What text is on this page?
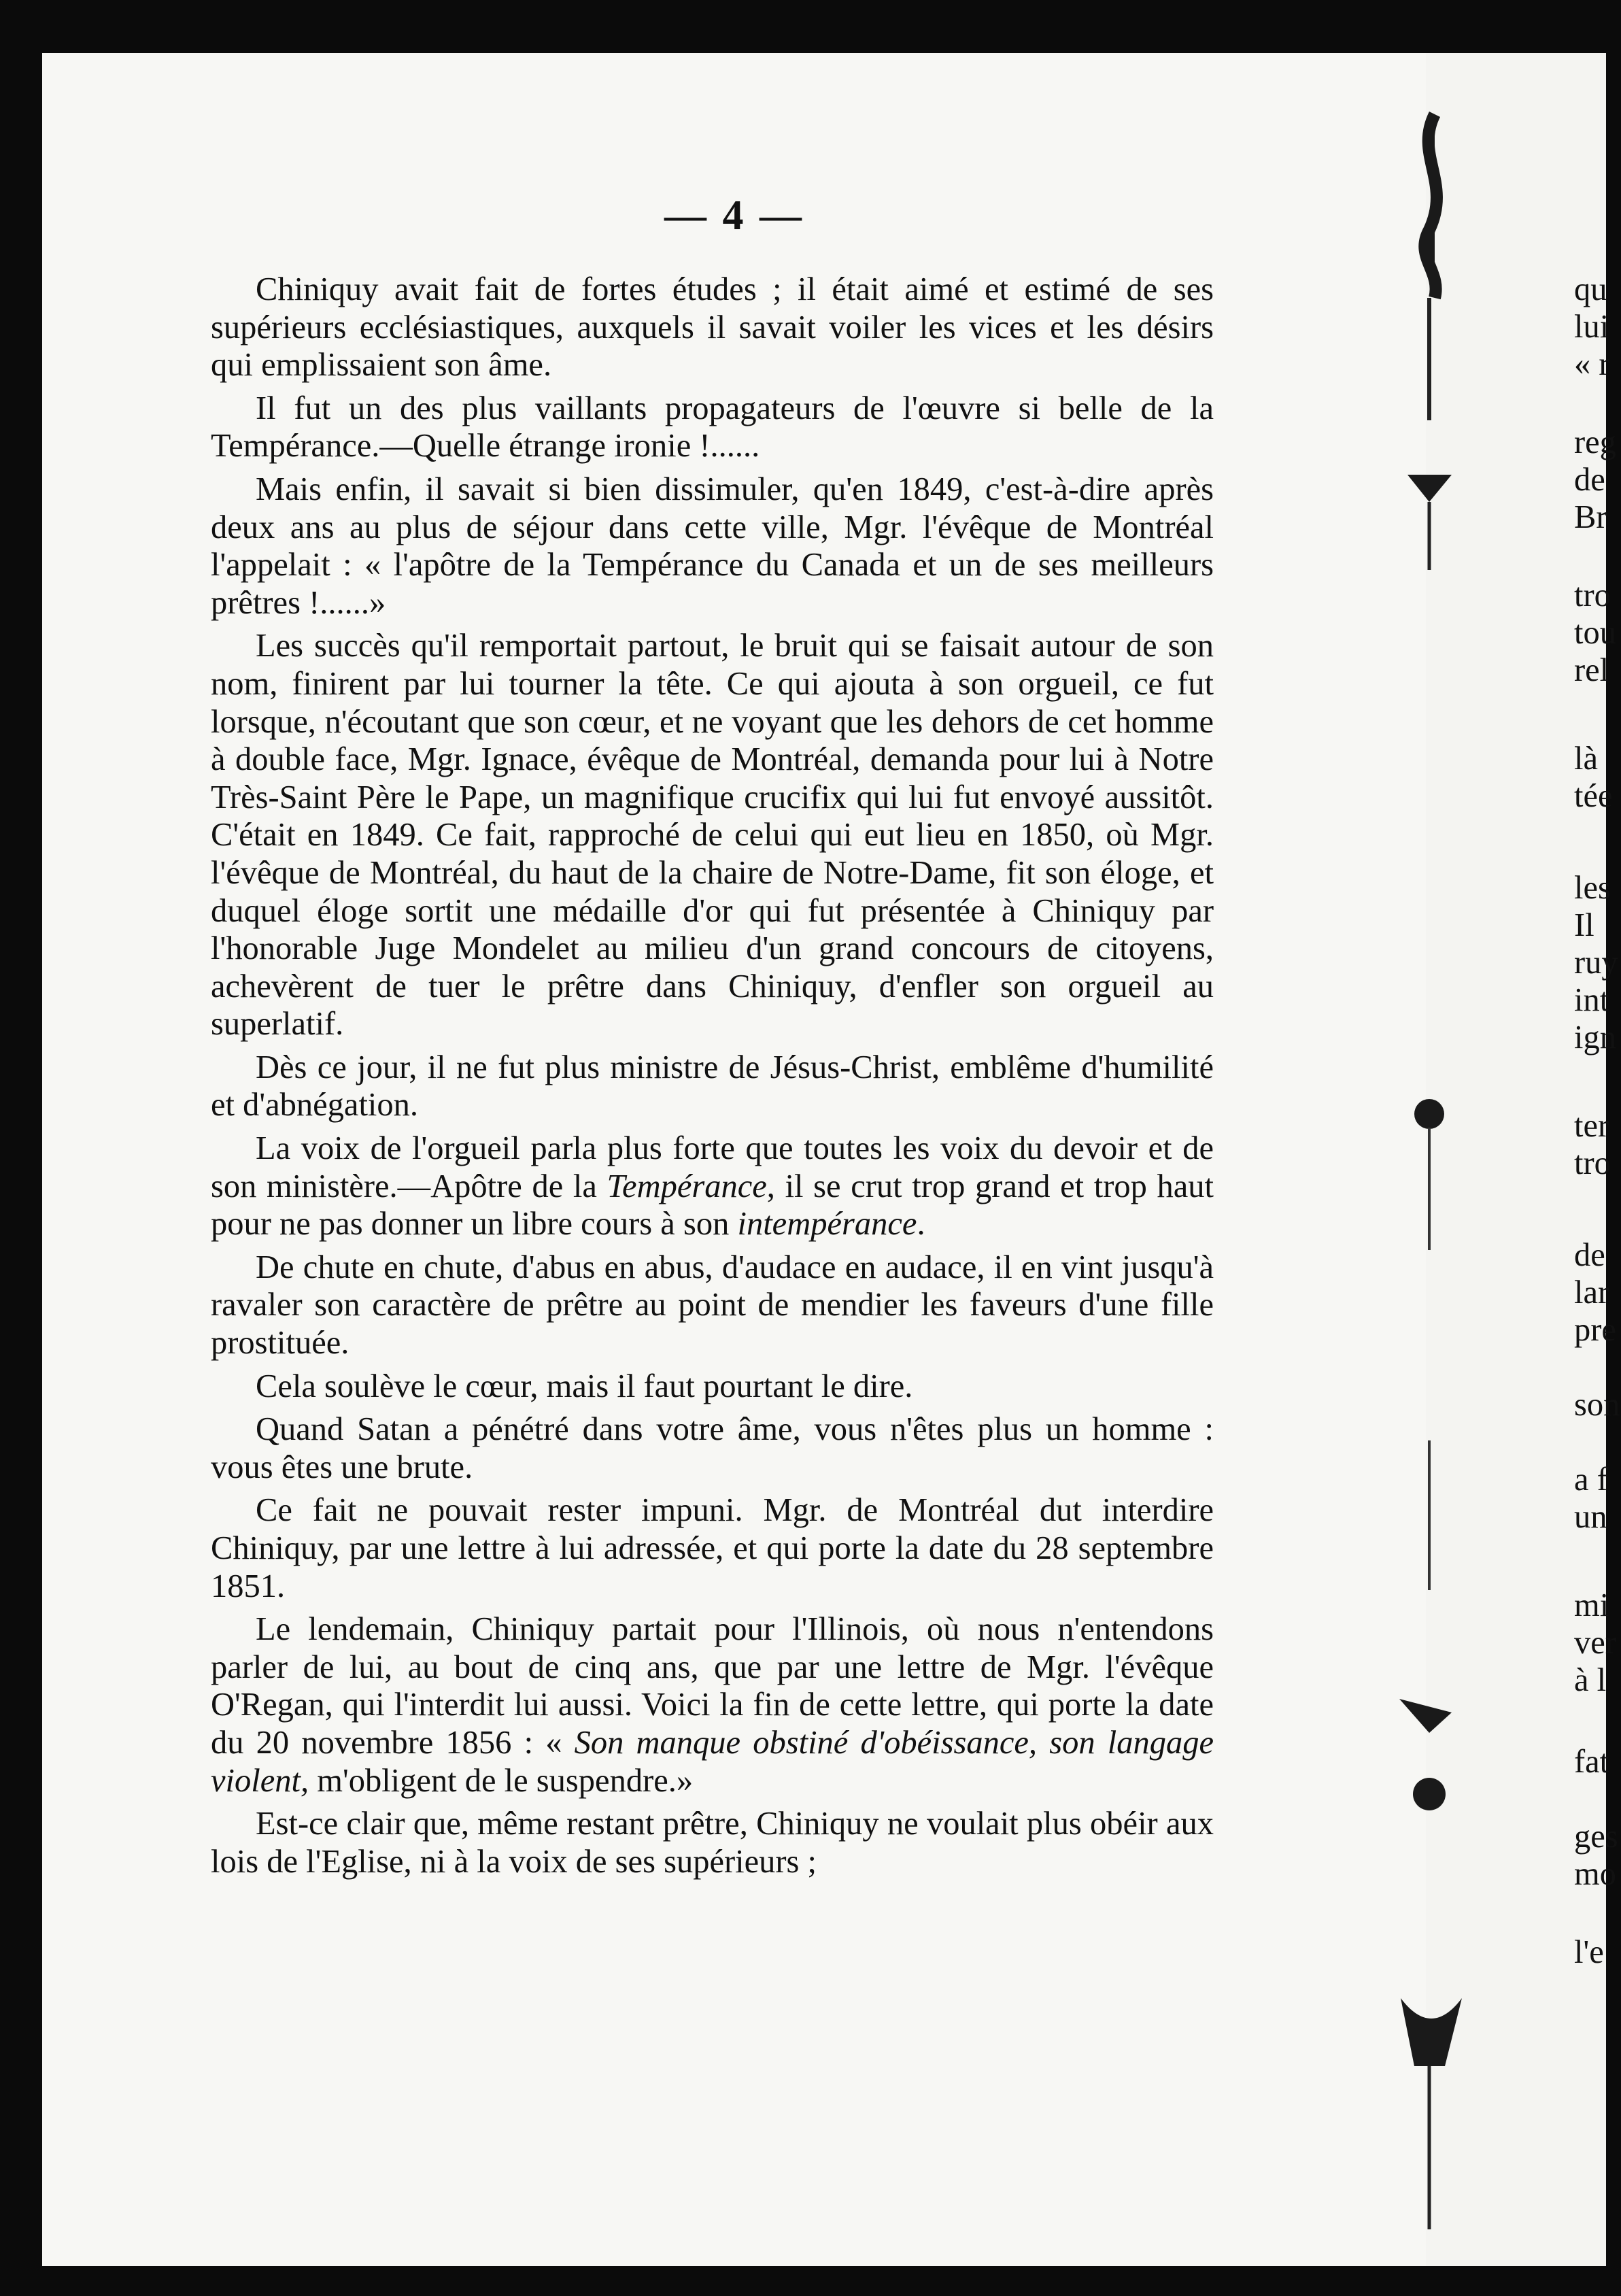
— 4 —

Chiniquy avait fait de fortes études ; il était aimé et estimé de ses supérieurs ecclésiastiques, auxquels il savait voiler les vices et les désirs qui emplissaient son âme.

Il fut un des plus vaillants propagateurs de l'œuvre si belle de la Tempérance.—Quelle étrange ironie !......

Mais enfin, il savait si bien dissimuler, qu'en 1849, c'est-à-dire après deux ans au plus de séjour dans cette ville, Mgr. l'évêque de Montréal l'appelait : « l'apôtre de la Tempérance du Canada et un de ses meilleurs prêtres !......»

Les succès qu'il remportait partout, le bruit qui se faisait autour de son nom, finirent par lui tourner la tête. Ce qui ajouta à son orgueil, ce fut lorsque, n'écoutant que son cœur, et ne voyant que les dehors de cet homme à double face, Mgr. Ignace, évêque de Montréal, demanda pour lui à Notre Très-Saint Père le Pape, un magnifique crucifix qui lui fut envoyé aussitôt. C'était en 1849. Ce fait, rapproché de celui qui eut lieu en 1850, où Mgr. l'évêque de Montréal, du haut de la chaire de Notre-Dame, fit son éloge, et duquel éloge sortit une médaille d'or qui fut présentée à Chiniquy par l'honorable Juge Mondelet au milieu d'un grand concours de citoyens, achevèrent de tuer le prêtre dans Chiniquy, d'enfler son orgueil au superlatif.

Dès ce jour, il ne fut plus ministre de Jésus-Christ, emblême d'humilité et d'abnégation.

La voix de l'orgueil parla plus forte que toutes les voix du devoir et de son ministère.—Apôtre de la Tempérance, il se crut trop grand et trop haut pour ne pas donner un libre cours à son intempérance.

De chute en chute, d'abus en abus, d'audace en audace, il en vint jusqu'à ravaler son caractère de prêtre au point de mendier les faveurs d'une fille prostituée.

Cela soulève le cœur, mais il faut pourtant le dire.

Quand Satan a pénétré dans votre âme, vous n'êtes plus un homme : vous êtes une brute.

Ce fait ne pouvait rester impuni. Mgr. de Montréal dut interdire Chiniquy, par une lettre à lui adressée, et qui porte la date du 28 septembre 1851.

Le lendemain, Chiniquy partait pour l'Illinois, où nous n'entendons parler de lui, au bout de cinq ans, que par une lettre de Mgr. l'évêque O'Regan, qui l'interdit lui aussi. Voici la fin de cette lettre, qui porte la date du 20 novembre 1856 : « Son manque obstiné d'obéissance, son langage violent, m'obligent de le suspendre.»

Est-ce clair que, même restant prêtre, Chiniquy ne voulait plus obéir aux lois de l'Eglise, ni à la voix de ses supérieurs ;

qu
lui
« r
reg
de
Br
tro
tou
rel
là
tée
les
Il
ruy
int
ign
ter
tro
de
lar
pre
son
a f
un
mi
ver
à l
fat
ges
mo
l'e
